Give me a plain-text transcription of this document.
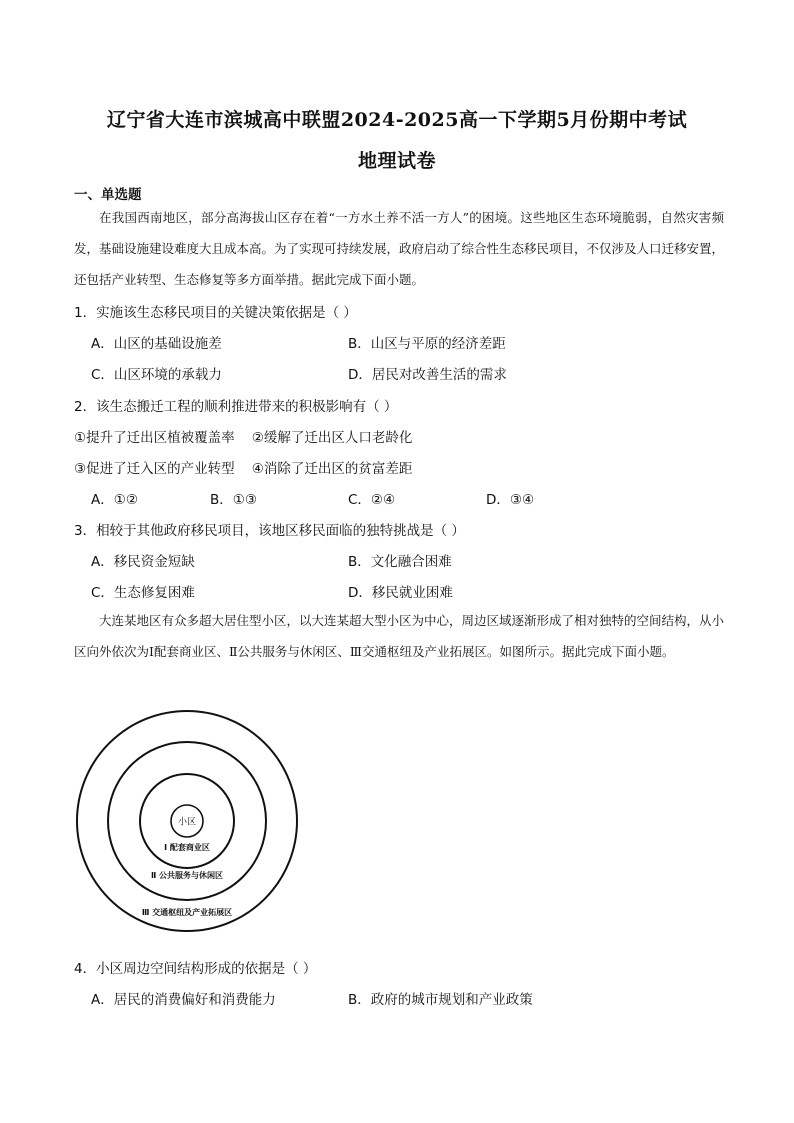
辽宁省大连市滨城高中联盟2024-2025高一下学期5月份期中考试
地理试卷
一、单选题

在我国西南地区，部分高海拔山区存在着“一方水土养不活一方人”的困境。这些地区生态环境脆弱，自然灾害频发，基础设施建设难度大且成本高。为了实现可持续发展，政府启动了综合性生态移民项目，不仅涉及人口迁移安置，还包括产业转型、生态修复等多方面举措。据此完成下面小题。

1．实施该生态移民项目的关键决策依据是（ ）
A．山区的基础设施差	B．山区与平原的经济差距
C．山区环境的承载力	D．居民对改善生活的需求
2．该生态搬迁工程的顺利推进带来的积极影响有（ ）
①提升了迁出区植被覆盖率    ②缓解了迁出区人口老龄化
③促进了迁入区的产业转型    ④消除了迁出区的贫富差距
A．①②	B．①③	C．②④	D．③④
3．相较于其他政府移民项目，该地区移民面临的独特挑战是（ ）
A．移民资金短缺	B．文化融合困难
C．生态修复困难	D．移民就业困难

大连某地区有众多超大居住型小区，以大连某超大型小区为中心，周边区域逐渐形成了相对独特的空间结构，从小区向外依次为Ⅰ配套商业区、Ⅱ公共服务与休闲区、Ⅲ交通枢纽及产业拓展区。如图所示。据此完成下面小题。

小区
Ⅰ 配套商业区
Ⅱ 公共服务与休闲区
Ⅲ 交通枢纽及产业拓展区
4．小区周边空间结构形成的依据是（ ）
A．居民的消费偏好和消费能力	B．政府的城市规划和产业政策
